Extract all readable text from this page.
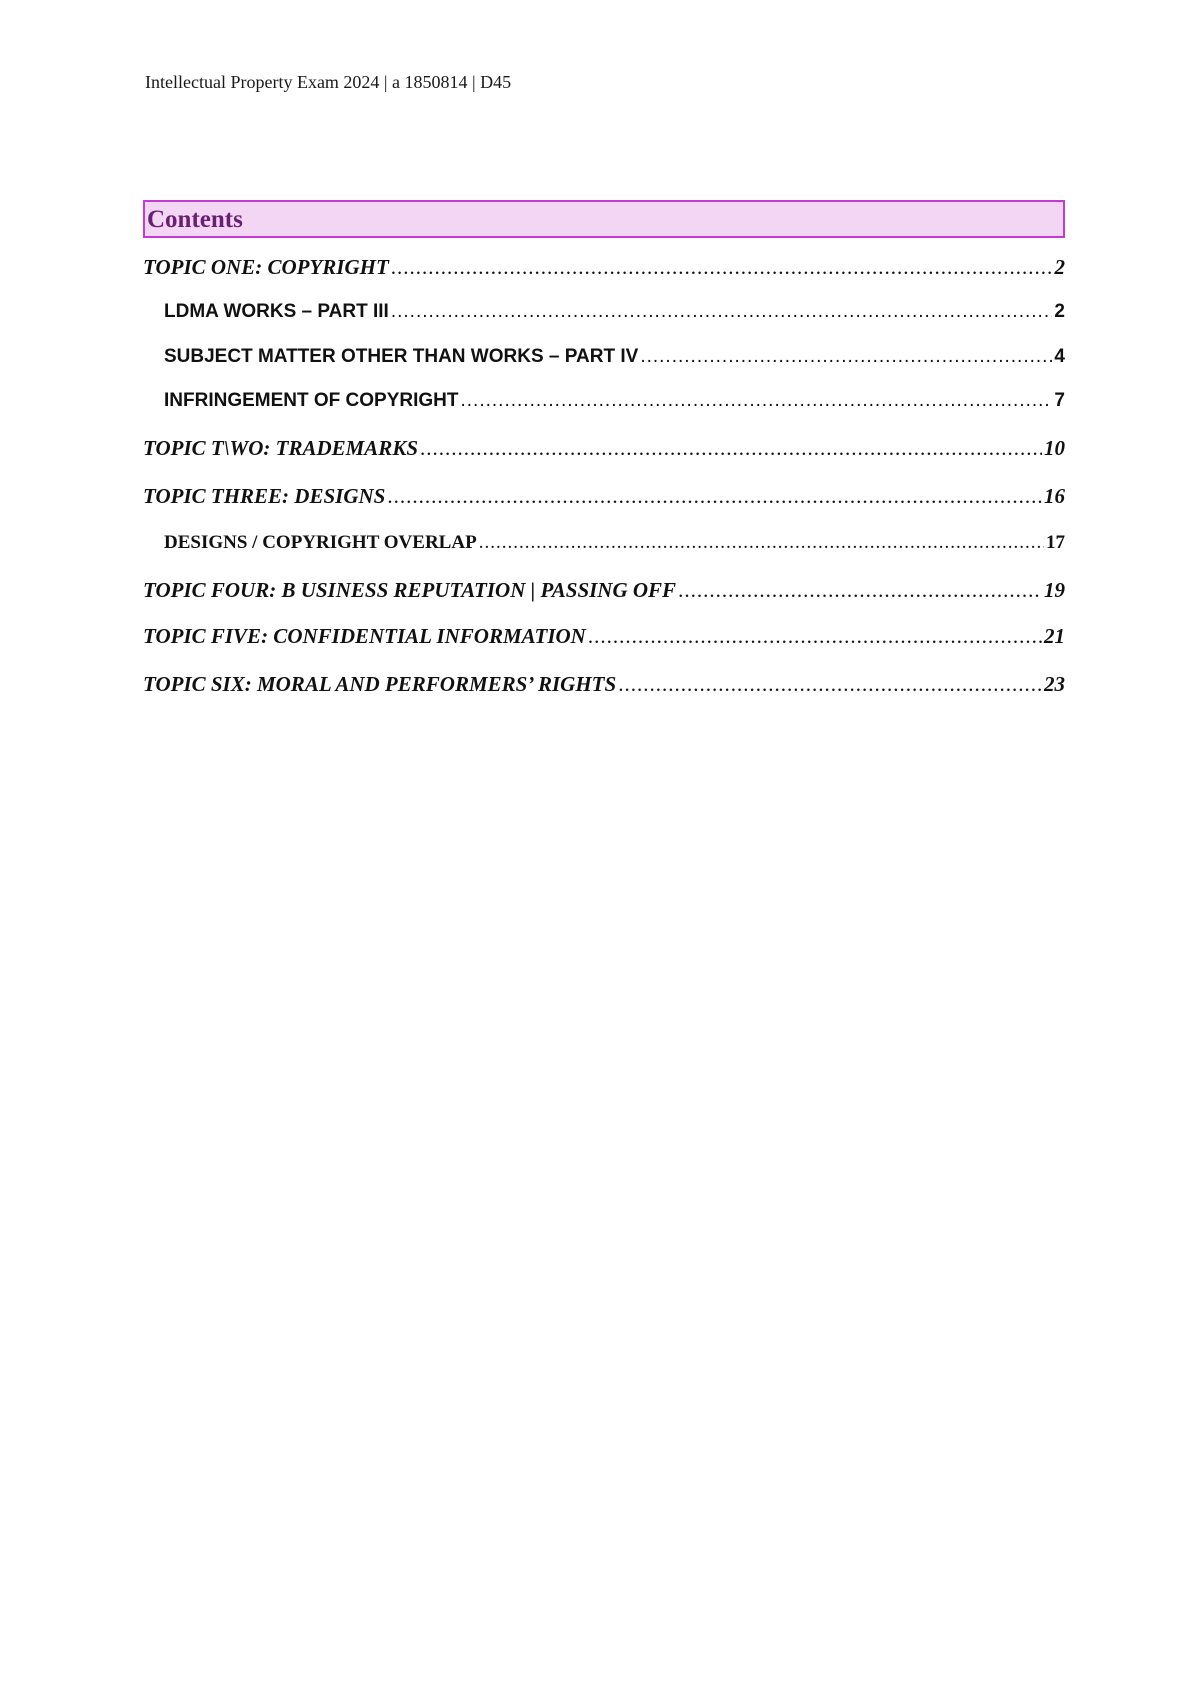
Intellectual Property Exam 2024 | a 1850814 | D45
Contents
TOPIC ONE: COPYRIGHT .....	2
LDMA WORKS – PART III .....	2
SUBJECT MATTER OTHER THAN WORKS – PART IV .....	4
INFRINGEMENT OF COPYRIGHT .....	7
TOPIC T\WO: TRADEMARKS .....	10
TOPIC THREE: DESIGNS .....	16
DESIGNS / COPYRIGHT OVERLAP .....	17
TOPIC FOUR: B USINESS REPUTATION | PASSING OFF .....	19
TOPIC FIVE: CONFIDENTIAL INFORMATION .....	21
TOPIC SIX: MORAL AND PERFORMERS’ RIGHTS .....	23
